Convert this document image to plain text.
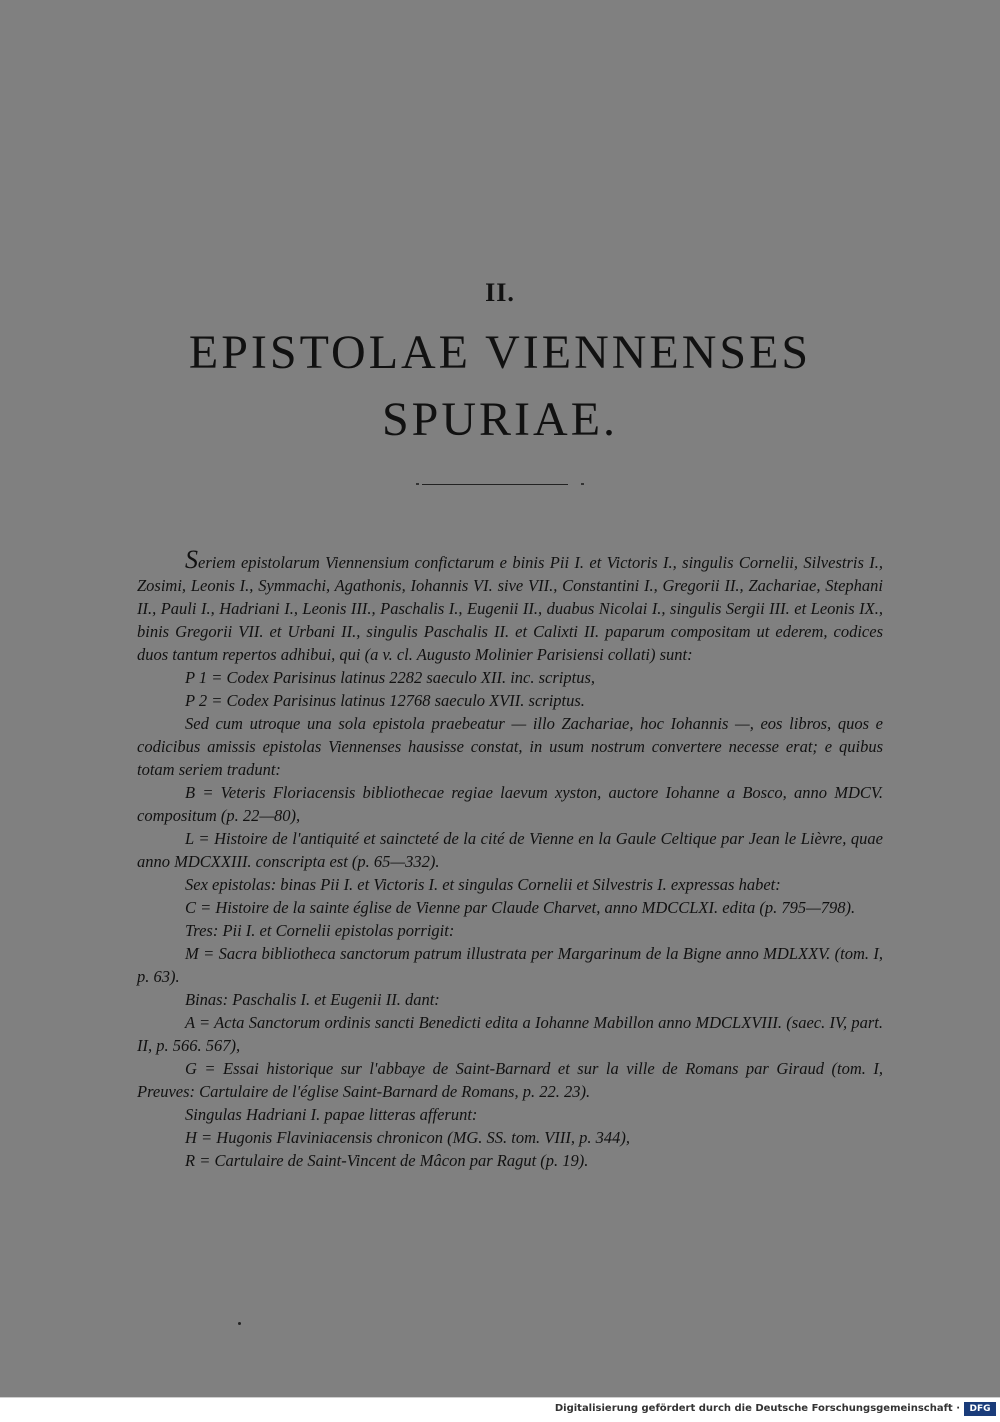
II.
EPISTOLAE VIENNENSES
SPURIAE.

Seriem epistolarum Viennensium confictarum e binis Pii I. et Victoris I., singulis Cornelii, Silvestris I., Zosimi, Leonis I., Symmachi, Agathonis, Iohannis VI. sive VII., Constantini I., Gregorii II., Zachariae, Stephani II., Pauli I., Hadriani I., Leonis III., Paschalis I., Eugenii II., duabus Nicolai I., singulis Sergii III. et Leonis IX., binis Gregorii VII. et Urbani II., singulis Paschalis II. et Calixti II. paparum compositam ut ederem, codices duos tantum repertos adhibui, qui (a v. cl. Augusto Molinier Parisiensi collati) sunt:

P 1 = Codex Parisinus latinus 2282 saeculo XII. inc. scriptus,

P 2 = Codex Parisinus latinus 12768 saeculo XVII. scriptus.

Sed cum utroque una sola epistola praebeatur — illo Zachariae, hoc Iohannis —, eos libros, quos e codicibus amissis epistolas Viennenses hausisse constat, in usum nostrum convertere necesse erat; e quibus totam seriem tradunt:

B = Veteris Floriacensis bibliothecae regiae laevum xyston, auctore Iohanne a Bosco, anno MDCV. compositum (p. 22—80),

L = Histoire de l'antiquité et saincteté de la cité de Vienne en la Gaule Celtique par Jean le Lièvre, quae anno MDCXXIII. conscripta est (p. 65—332).

Sex epistolas: binas Pii I. et Victoris I. et singulas Cornelii et Silvestris I. expressas habet:

C = Histoire de la sainte église de Vienne par Claude Charvet, anno MDCCLXI. edita (p. 795—798).

Tres: Pii I. et Cornelii epistolas porrigit:

M = Sacra bibliotheca sanctorum patrum illustrata per Margarinum de la Bigne anno MDLXXV. (tom. I, p. 63).

Binas: Paschalis I. et Eugenii II. dant:

A = Acta Sanctorum ordinis sancti Benedicti edita a Iohanne Mabillon anno MDCLXVIII. (saec. IV, part. II, p. 566. 567),

G = Essai historique sur l'abbaye de Saint-Barnard et sur la ville de Romans par Giraud (tom. I, Preuves: Cartulaire de l'église Saint-Barnard de Romans, p. 22. 23).

Singulas Hadriani I. papae litteras afferunt:

H = Hugonis Flaviniacensis chronicon (MG. SS. tom. VIII, p. 344),

R = Cartulaire de Saint-Vincent de Mâcon par Ragut (p. 19).

Digitalisierung gefördert durch die Deutsche Forschungsgemeinschaft ·	DFG
